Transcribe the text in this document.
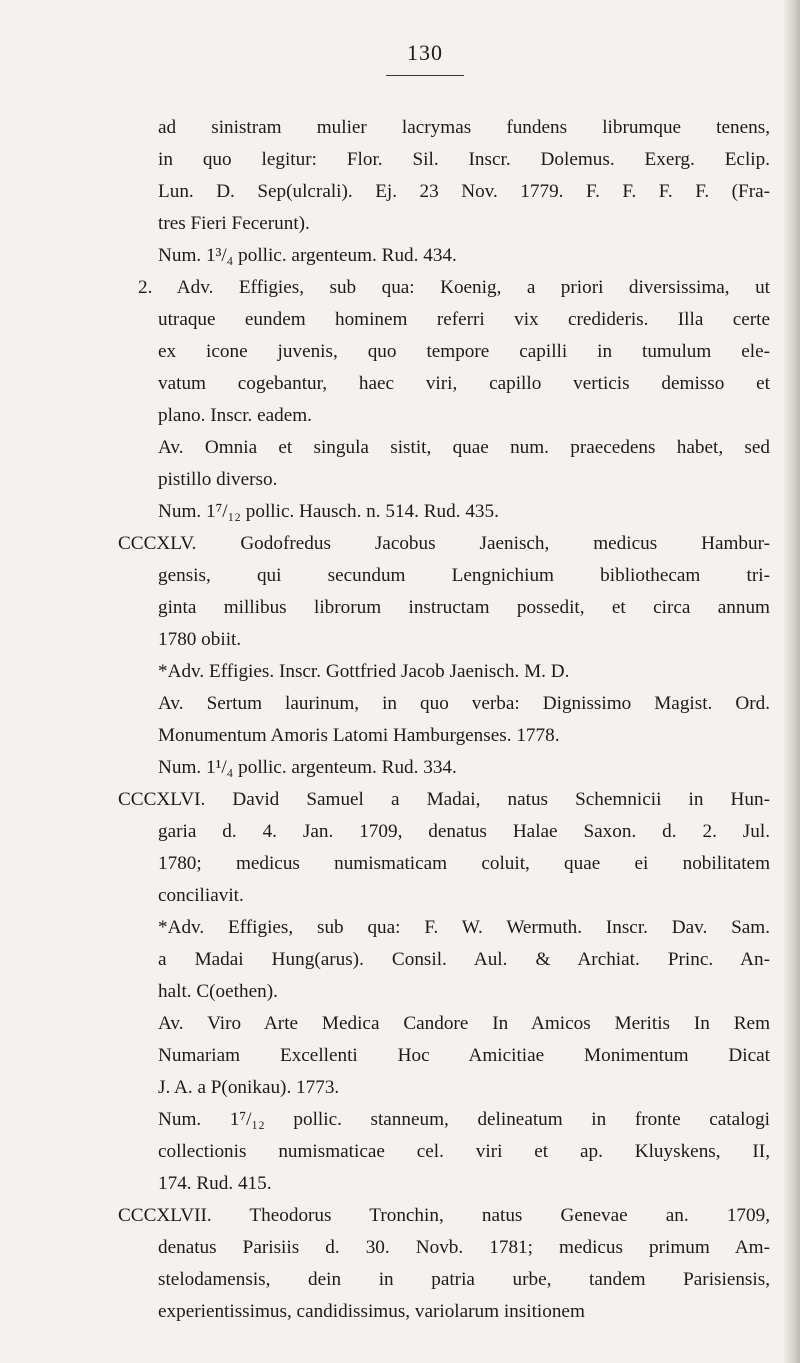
130
ad sinistram mulier lacrymas fundens librumque tenens,
in quo legitur: Flor. Sil. Inscr. Dolemus. Exerg. Eclip.
Lun. D. Sep(ulcrali). Ej. 23 Nov. 1779. F. F. F. F. (Fra-
tres Fieri Fecerunt).
Num. 1³/₄ pollic. argenteum. Rud. 434.
2. Adv. Effigies, sub qua: Koenig, a priori diversissima, ut
utraque eundem hominem referri vix credideris. Illa certe
ex icone juvenis, quo tempore capilli in tumulum ele-
vatum cogebantur, haec viri, capillo verticis demisso et
plano. Inscr. eadem.
Av. Omnia et singula sistit, quae num. praecedens habet, sed
pistillo diverso.
Num. 1⁷/₁₂ pollic. Hausch. n. 514. Rud. 435.
CCCXLV. Godofredus Jacobus Jaenisch, medicus Hambur-
gensis, qui secundum Lengnichium bibliothecam tri-
ginta millibus librorum instructam possedit, et circa annum
1780 obiit.
*Adv. Effigies. Inscr. Gottfried Jacob Jaenisch. M. D.
Av. Sertum laurinum, in quo verba: Dignissimo Magist. Ord.
Monumentum Amoris Latomi Hamburgenses. 1778.
Num. 1¹/₄ pollic. argenteum. Rud. 334.
CCCXLVI. David Samuel a Madai, natus Schemnicii in Hun-
garia d. 4. Jan. 1709, denatus Halae Saxon. d. 2. Jul.
1780; medicus numismaticam coluit, quae ei nobilitatem
conciliavit.
*Adv. Effigies, sub qua: F. W. Wermuth. Inscr. Dav. Sam.
a Madai Hung(arus). Consil. Aul. & Archiat. Princ. An-
halt. C(oethen).
Av. Viro Arte Medica Candore In Amicos Meritis In Rem
Numariam Excellenti Hoc Amicitiae Monimentum Dicat
J. A. a P(onikau). 1773.
Num. 1⁷/₁₂ pollic. stanneum, delineatum in fronte catalogi
collectionis numismaticae cel. viri et ap. Kluyskens, II,
174. Rud. 415.
CCCXLVII. Theodorus Tronchin, natus Genevae an. 1709,
denatus Parisiis d. 30. Novb. 1781; medicus primum Am-
stelodamensis, dein in patria urbe, tandem Parisiensis,
experientissimus, candidissimus, variolarum insitionem
